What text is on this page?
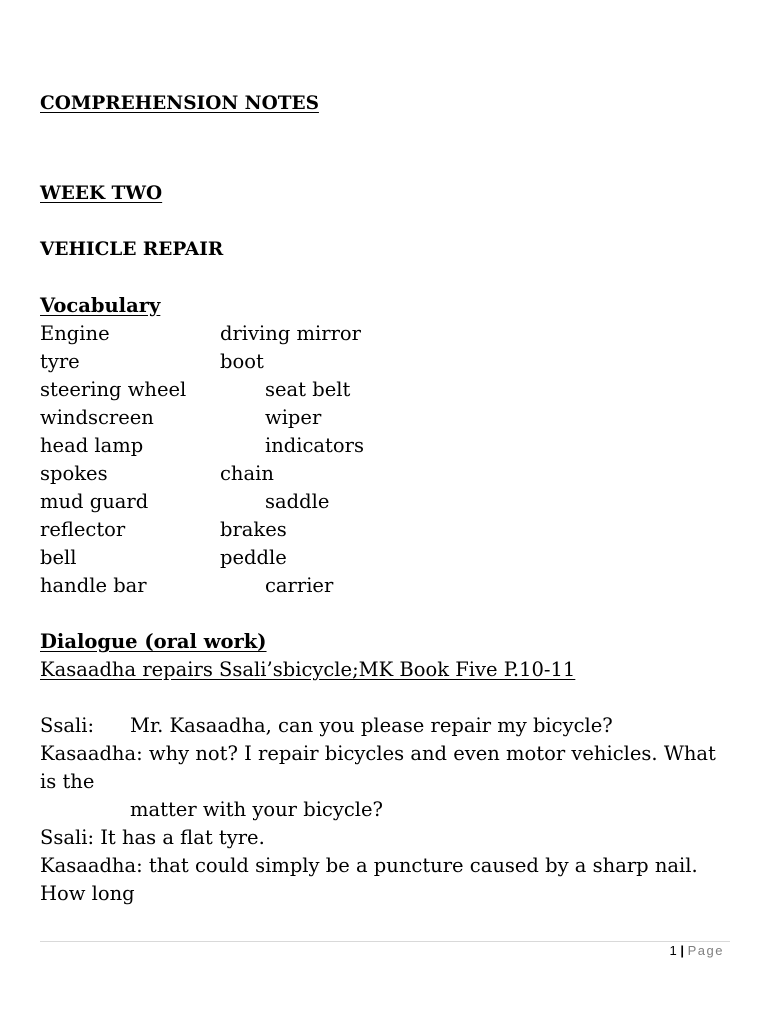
COMPREHENSION NOTES
WEEK TWO
VEHICLE REPAIR
Vocabulary
Engine	driving mirror
tyre	boot
steering wheel	seat belt
windscreen	wiper
head lamp	indicators
spokes	chain
mud guard	saddle
reflector	brakes
bell	peddle
handle bar	carrier
Dialogue (oral work)
Kasaadha repairs Ssali’sbicycle;MK Book Five P.10-11
Ssali: Mr. Kasaadha, can you please repair my bicycle?
Kasaadha: why not? I repair bicycles and even motor vehicles. What
is the
matter with your bicycle?
Ssali: It has a flat tyre.
Kasaadha: that could simply be a puncture caused by a sharp nail.
How long
1 | Page
